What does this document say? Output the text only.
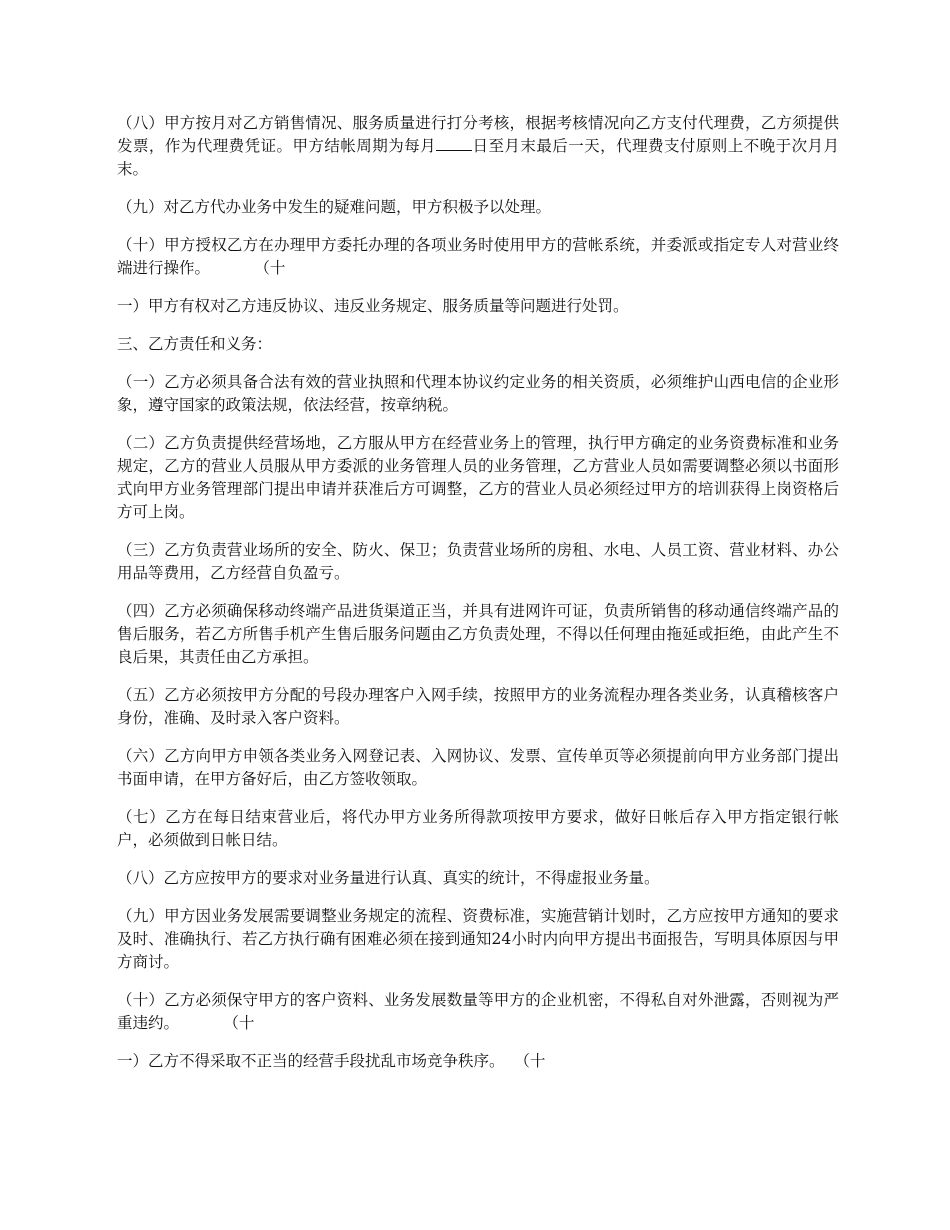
（八）甲方按月对乙方销售情况、服务质量进行打分考核，根据考核情况向乙方支付代理费，乙方须提供发票，作为代理费凭证。甲方结帐周期为每月 日至月末最后一天，代理费支付原则上不晚于次月月末。

（九）对乙方代办业务中发生的疑难问题，甲方积极予以处理。

（十）甲方授权乙方在办理甲方委托办理的各项业务时使用甲方的营帐系统，并委派或指定专人对营业终端进行操作。         （十

一）甲方有权对乙方违反协议、违反业务规定、服务质量等问题进行处罚。

三、乙方责任和义务：

（一）乙方必须具备合法有效的营业执照和代理本协议约定业务的相关资质，必须维护山西电信的企业形象，遵守国家的政策法规，依法经营，按章纳税。

（二）乙方负责提供经营场地，乙方服从甲方在经营业务上的管理，执行甲方确定的业务资费标准和业务规定，乙方的营业人员服从甲方委派的业务管理人员的业务管理，乙方营业人员如需要调整必须以书面形式向甲方业务管理部门提出申请并获准后方可调整，乙方的营业人员必须经过甲方的培训获得上岗资格后方可上岗。

（三）乙方负责营业场所的安全、防火、保卫；负责营业场所的房租、水电、人员工资、营业材料、办公用品等费用，乙方经营自负盈亏。

（四）乙方必须确保移动终端产品进货渠道正当，并具有进网许可证，负责所销售的移动通信终端产品的售后服务，若乙方所售手机产生售后服务问题由乙方负责处理，不得以任何理由拖延或拒绝，由此产生不良后果，其责任由乙方承担。

（五）乙方必须按甲方分配的号段办理客户入网手续，按照甲方的业务流程办理各类业务，认真稽核客户身份，准确、及时录入客户资料。

（六）乙方向甲方申领各类业务入网登记表、入网协议、发票、宣传单页等必须提前向甲方业务部门提出书面申请，在甲方备好后，由乙方签收领取。

（七）乙方在每日结束营业后，将代办甲方业务所得款项按甲方要求，做好日帐后存入甲方指定银行帐户，必须做到日帐日结。

（八）乙方应按甲方的要求对业务量进行认真、真实的统计，不得虚报业务量。

（九）甲方因业务发展需要调整业务规定的流程、资费标准，实施营销计划时，乙方应按甲方通知的要求及时、准确执行、若乙方执行确有困难必须在接到通知24小时内向甲方提出书面报告，写明具体原因与甲方商讨。

（十）乙方必须保守甲方的客户资料、业务发展数量等甲方的企业机密，不得私自对外泄露，否则视为严重违约。         （十

一）乙方不得采取不正当的经营手段扰乱市场竞争秩序。  （十
